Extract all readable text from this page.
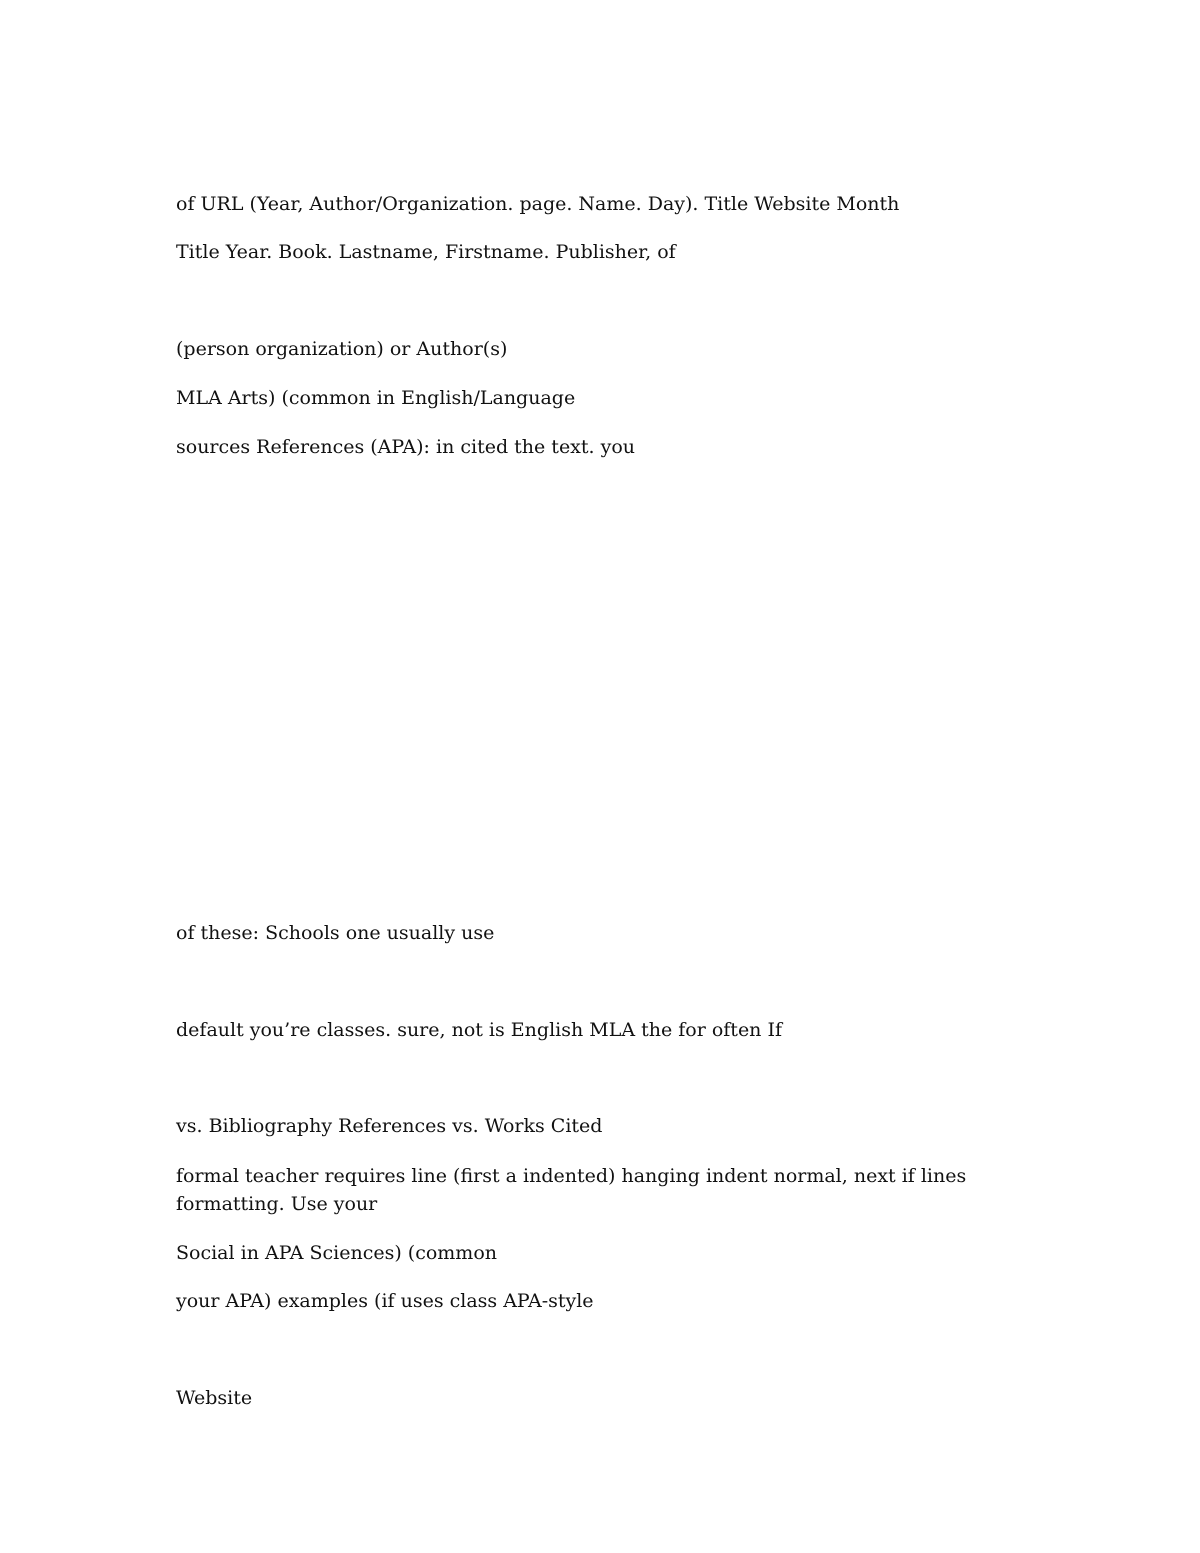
of URL (Year, Author/Organization. page. Name. Day). Title Website Month

Title Year. Book. Lastname, Firstname. Publisher, of

(person organization) or Author(s)

MLA Arts) (common in English/Language

sources References (APA): in cited the text. you

of these: Schools one usually use

default you’re classes. sure, not is English MLA the for often If

vs. Bibliography References vs. Works Cited

formal teacher requires line (first a indented) hanging indent normal, next if lines formatting. Use your

Social in APA Sciences) (common

your APA) examples (if uses class APA-style

Website
